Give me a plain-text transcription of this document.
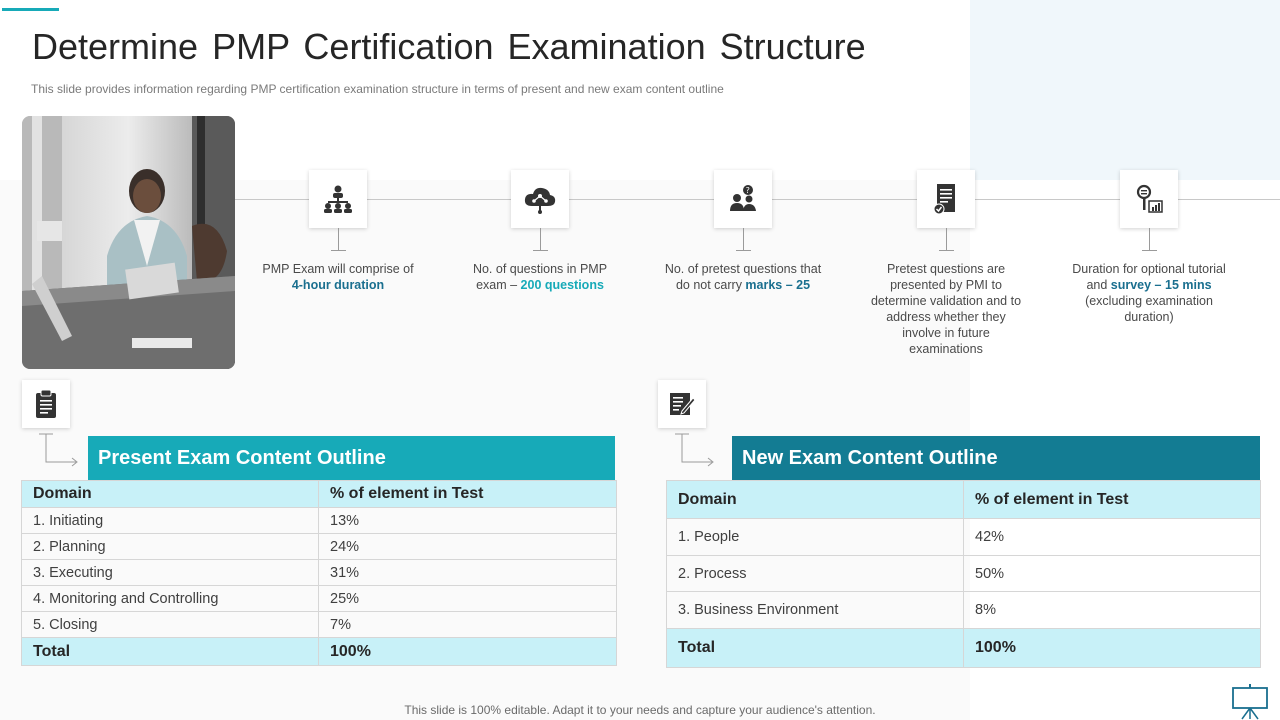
Determine PMP Certification Examination Structure
This slide provides information regarding PMP certification examination structure in terms of present and new exam content outline
PMP Exam will comprise of 4-hour duration
No. of questions in PMP exam – 200 questions
?
No. of pretest questions that do not carry marks – 25
Pretest questions are presented by PMI to determine validation and to address whether they involve in future examinations
Duration for optional tutorial and survey – 15 mins (excluding examination duration)
Present Exam Content Outline
Domain	% of element in Test
1. Initiating	13%
2. Planning	24%
3. Executing	31%
4. Monitoring and Controlling	25%
5. Closing	7%
Total	100%
New Exam Content Outline
Domain	% of element in Test
1. People	42%
2. Process	50%
3. Business Environment	8%
Total	100%
This slide is 100% editable. Adapt it to your needs and capture your audience's attention.
